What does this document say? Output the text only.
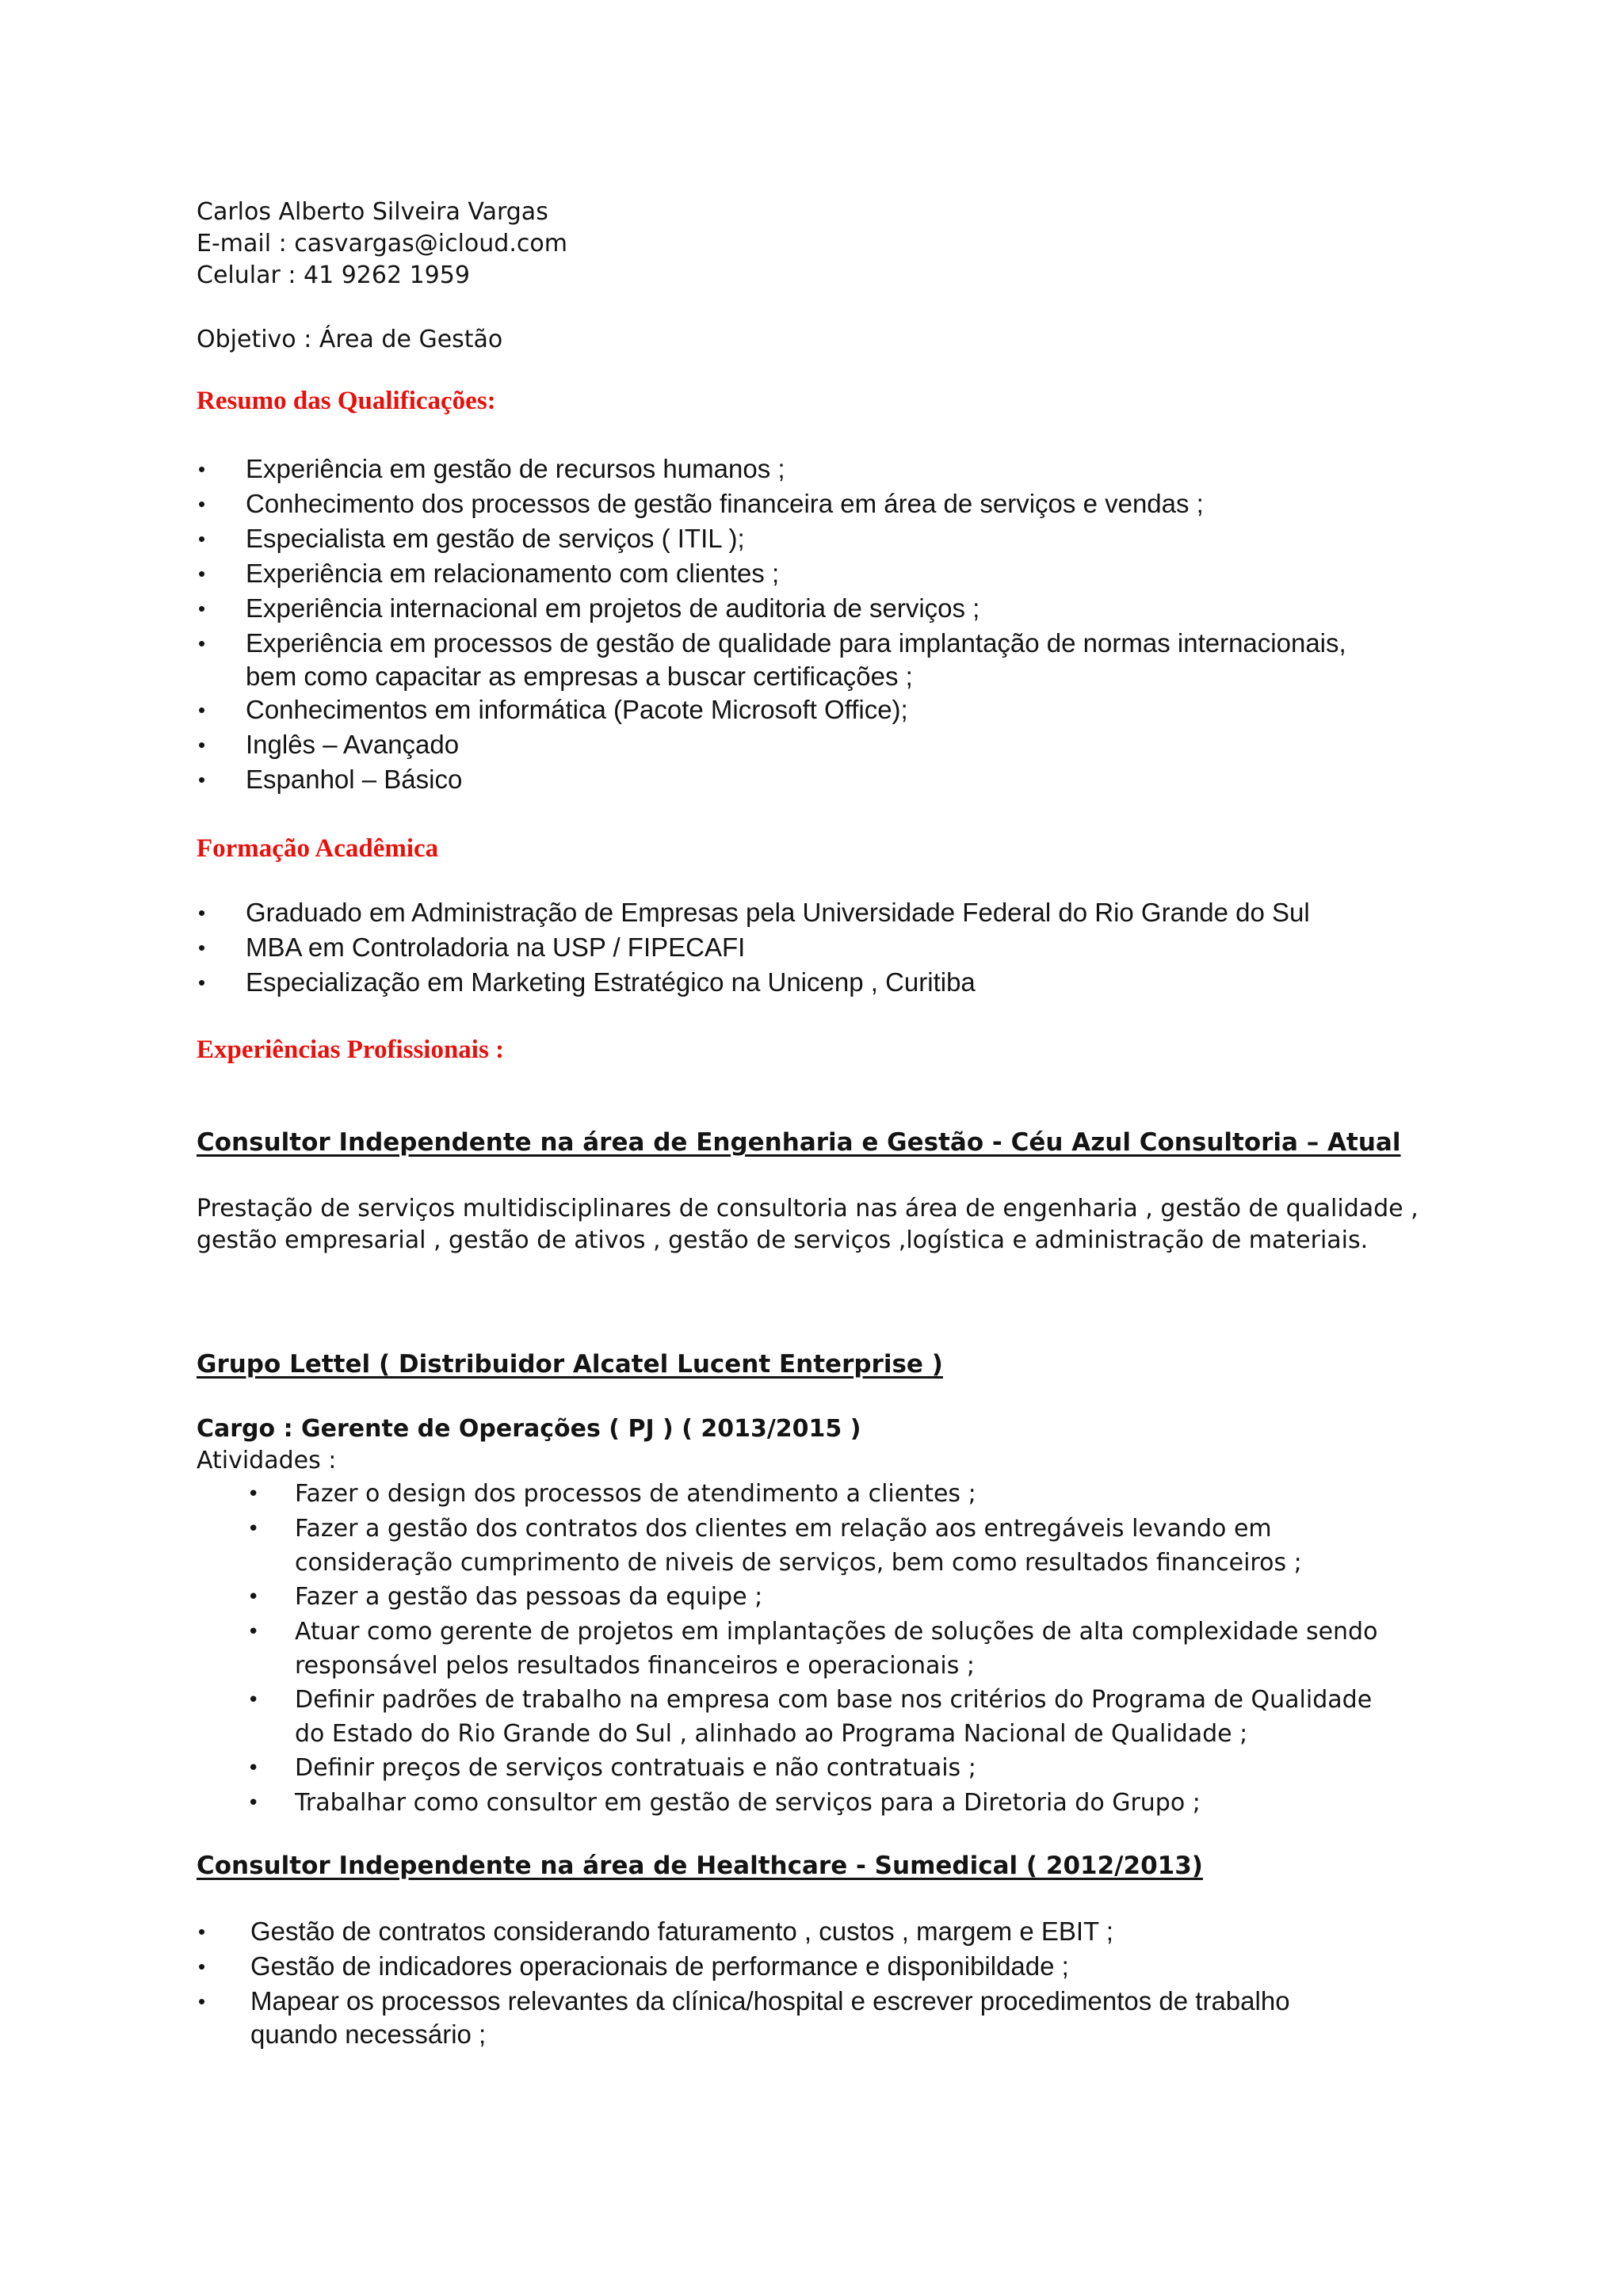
Carlos Alberto Silveira Vargas
E-mail : casvargas@icloud.com
Celular : 41 9262 1959
Objetivo : Área de Gestão
Resumo das Qualificações:
• Experiência em gestão de recursos humanos ;
• Conhecimento dos processos de gestão financeira em área de serviços e vendas ;
• Especialista em gestão de serviços ( ITIL );
• Experiência em relacionamento com clientes ;
• Experiência internacional em projetos de auditoria de serviços ;
• Experiência em processos de gestão de qualidade para implantação de normas internacionais,
bem como capacitar as empresas a buscar certificações ;
• Conhecimentos em informática (Pacote Microsoft Office);
• Inglês – Avançado
• Espanhol – Básico
Formação Acadêmica
• Graduado em Administração de Empresas pela Universidade Federal do Rio Grande do Sul
• MBA em Controladoria na USP / FIPECAFI
• Especialização em Marketing Estratégico na Unicenp , Curitiba
Experiências Profissionais :
Consultor Independente na área de Engenharia e Gestão - Céu Azul Consultoria – Atual
Prestação de serviços multidisciplinares de consultoria nas área de engenharia , gestão de qualidade , gestão empresarial , gestão de ativos , gestão de serviços ,logística e administração de materiais.
Grupo Lettel ( Distribuidor Alcatel Lucent Enterprise )
Cargo : Gerente de Operações ( PJ ) ( 2013/2015 )
Atividades :
• Fazer o design dos processos de atendimento a clientes ;
• Fazer a gestão dos contratos dos clientes em relação aos entregáveis levando em
consideração cumprimento de niveis de serviços, bem como resultados financeiros ;
• Fazer a gestão das pessoas da equipe ;
• Atuar como gerente de projetos em implantações de soluções de alta complexidade sendo
responsável pelos resultados financeiros e operacionais ;
• Definir padrões de trabalho na empresa com base nos critérios do Programa de Qualidade
do Estado do Rio Grande do Sul , alinhado ao Programa Nacional de Qualidade ;
• Definir preços de serviços contratuais e não contratuais ;
• Trabalhar como consultor em gestão de serviços para a Diretoria do Grupo ;
Consultor Independente na área de Healthcare - Sumedical ( 2012/2013)
• Gestão de contratos considerando faturamento , custos , margem e EBIT ;
• Gestão de indicadores operacionais de performance e disponibildade ;
• Mapear os processos relevantes da clínica/hospital e escrever procedimentos de trabalho
quando necessário ;
